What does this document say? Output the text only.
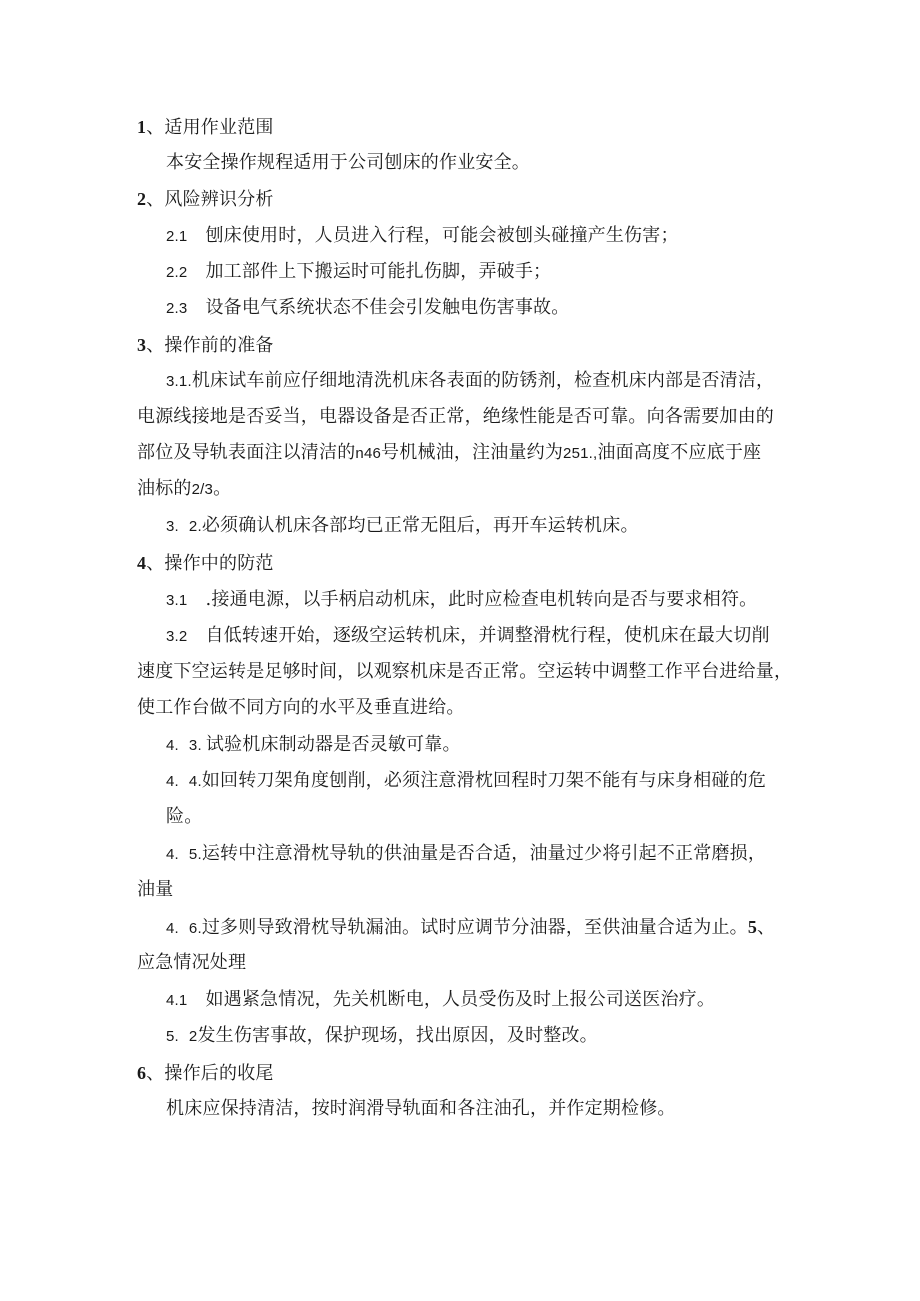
1、适用作业范围
本安全操作规程适用于公司刨床的作业安全。
2、风险辨识分析
2.1 刨床使用时，人员进入行程，可能会被刨头碰撞产生伤害；
2.2 加工部件上下搬运时可能扎伤脚，弄破手；
2.3 设备电气系统状态不佳会引发触电伤害事故。
3、操作前的准备
3.1.机床试车前应仔细地清洗机床各表面的防锈剂，检查机床内部是否清洁，
电源线接地是否妥当，电器设备是否正常，绝缘性能是否可靠。向各需要加由的
部位及导轨表面注以清洁的n46号机械油，注油量约为251.,油面高度不应底于座
油标的2/3。
3. 2.必须确认机床各部均已正常无阻后，再开车运转机床。
4、操作中的防范
3.1 .接通电源，以手柄启动机床，此时应检查电机转向是否与要求相符。
3.2 自低转速开始，逐级空运转机床，并调整滑枕行程，使机床在最大切削
速度下空运转是足够时间，以观察机床是否正常。空运转中调整工作平台进给量，
使工作台做不同方向的水平及垂直进给。
4. 3. 试验机床制动器是否灵敏可靠。
4. 4.如回转刀架角度刨削，必须注意滑枕回程时刀架不能有与床身相碰的危
险。
4. 5.运转中注意滑枕导轨的供油量是否合适，油量过少将引起不正常磨损，
油量
4. 6.过多则导致滑枕导轨漏油。试时应调节分油器，至供油量合适为止。5、
应急情况处理
4.1 如遇紧急情况，先关机断电，人员受伤及时上报公司送医治疗。
5. 2发生伤害事故，保护现场，找出原因，及时整改。
6、操作后的收尾
机床应保持清洁，按时润滑导轨面和各注油孔，并作定期检修。
